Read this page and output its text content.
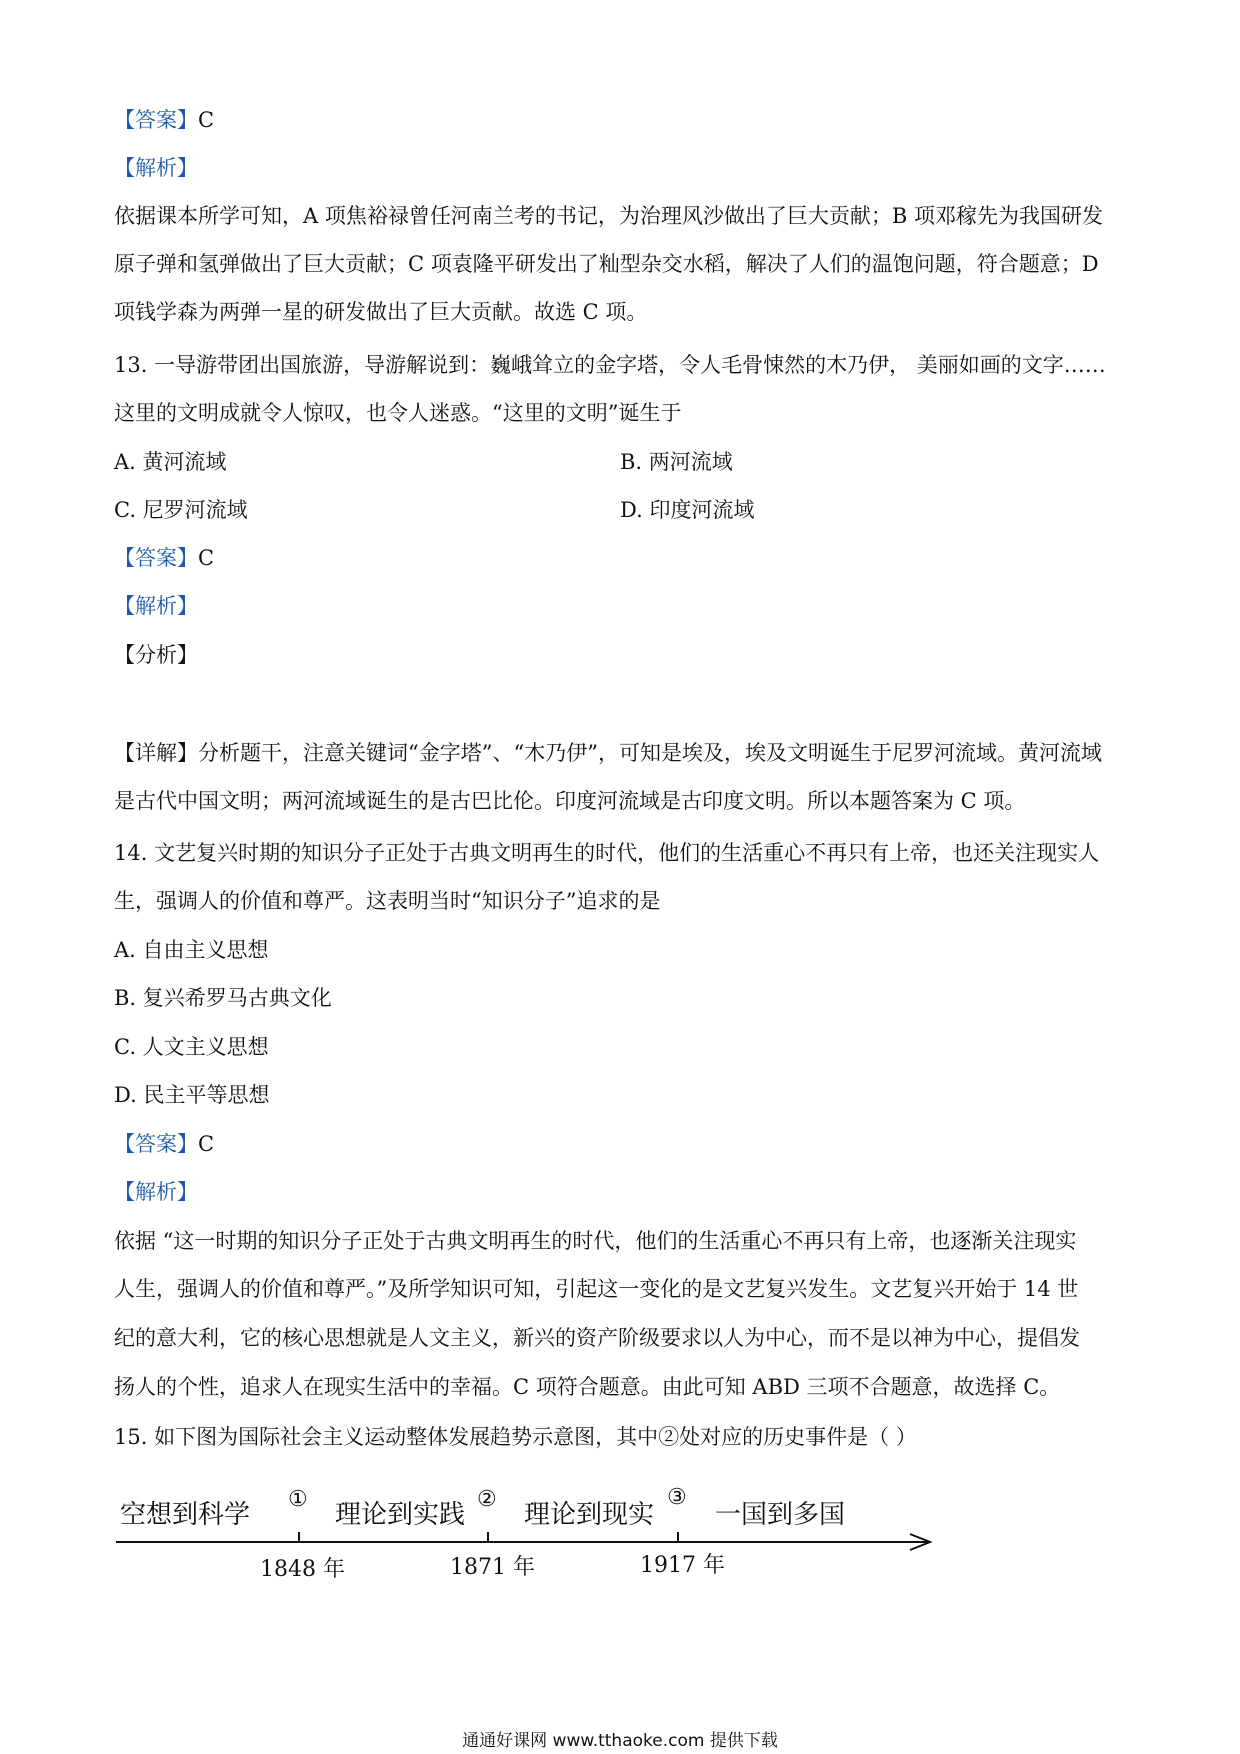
【答案】C
【解析】
依据课本所学可知，A 项焦裕禄曾任河南兰考的书记，为治理风沙做出了巨大贡献；B 项邓稼先为我国研发
原子弹和氢弹做出了巨大贡献；C 项袁隆平研发出了籼型杂交水稻，解决了人们的温饱问题，符合题意；D
项钱学森为两弹一星的研发做出了巨大贡献。故选 C 项。
13. 一导游带团出国旅游，导游解说到：巍峨耸立的金字塔，令人毛骨悚然的木乃伊， 美丽如画的文字……
这里的文明成就令人惊叹，也令人迷惑。“这里的文明”诞生于
A. 黄河流域	B. 两河流域
C. 尼罗河流域	D. 印度河流域
【答案】C
【解析】
【分析】
【详解】分析题干，注意关键词“金字塔”、“木乃伊”，可知是埃及，埃及文明诞生于尼罗河流域。黄河流域
是古代中国文明；两河流域诞生的是古巴比伦。印度河流域是古印度文明。所以本题答案为 C 项。
14. 文艺复兴时期的知识分子正处于古典文明再生的时代，他们的生活重心不再只有上帝，也还关注现实人
生，强调人的价值和尊严。这表明当时“知识分子”追求的是
A. 自由主义思想
B. 复兴希罗马古典文化
C. 人文主义思想
D. 民主平等思想
【答案】C
【解析】
依据 “这一时期的知识分子正处于古典文明再生的时代，他们的生活重心不再只有上帝，也逐渐关注现实
人生，强调人的价值和尊严。”及所学知识可知，引起这一变化的是文艺复兴发生。文艺复兴开始于 14 世
纪的意大利，它的核心思想就是人文主义，新兴的资产阶级要求以人为中心，而不是以神为中心，提倡发
扬人的个性，追求人在现实生活中的幸福。C 项符合题意。由此可知 ABD 三项不合题意，故选择 C。
15. 如下图为国际社会主义运动整体发展趋势示意图，其中②处对应的历史事件是（ ）
空想到科学	理论到实践 理论到现实 一国到多国
①	②	③
1848 年	1871 年	1917 年
通通好课网 www.tthaoke.com 提供下载
